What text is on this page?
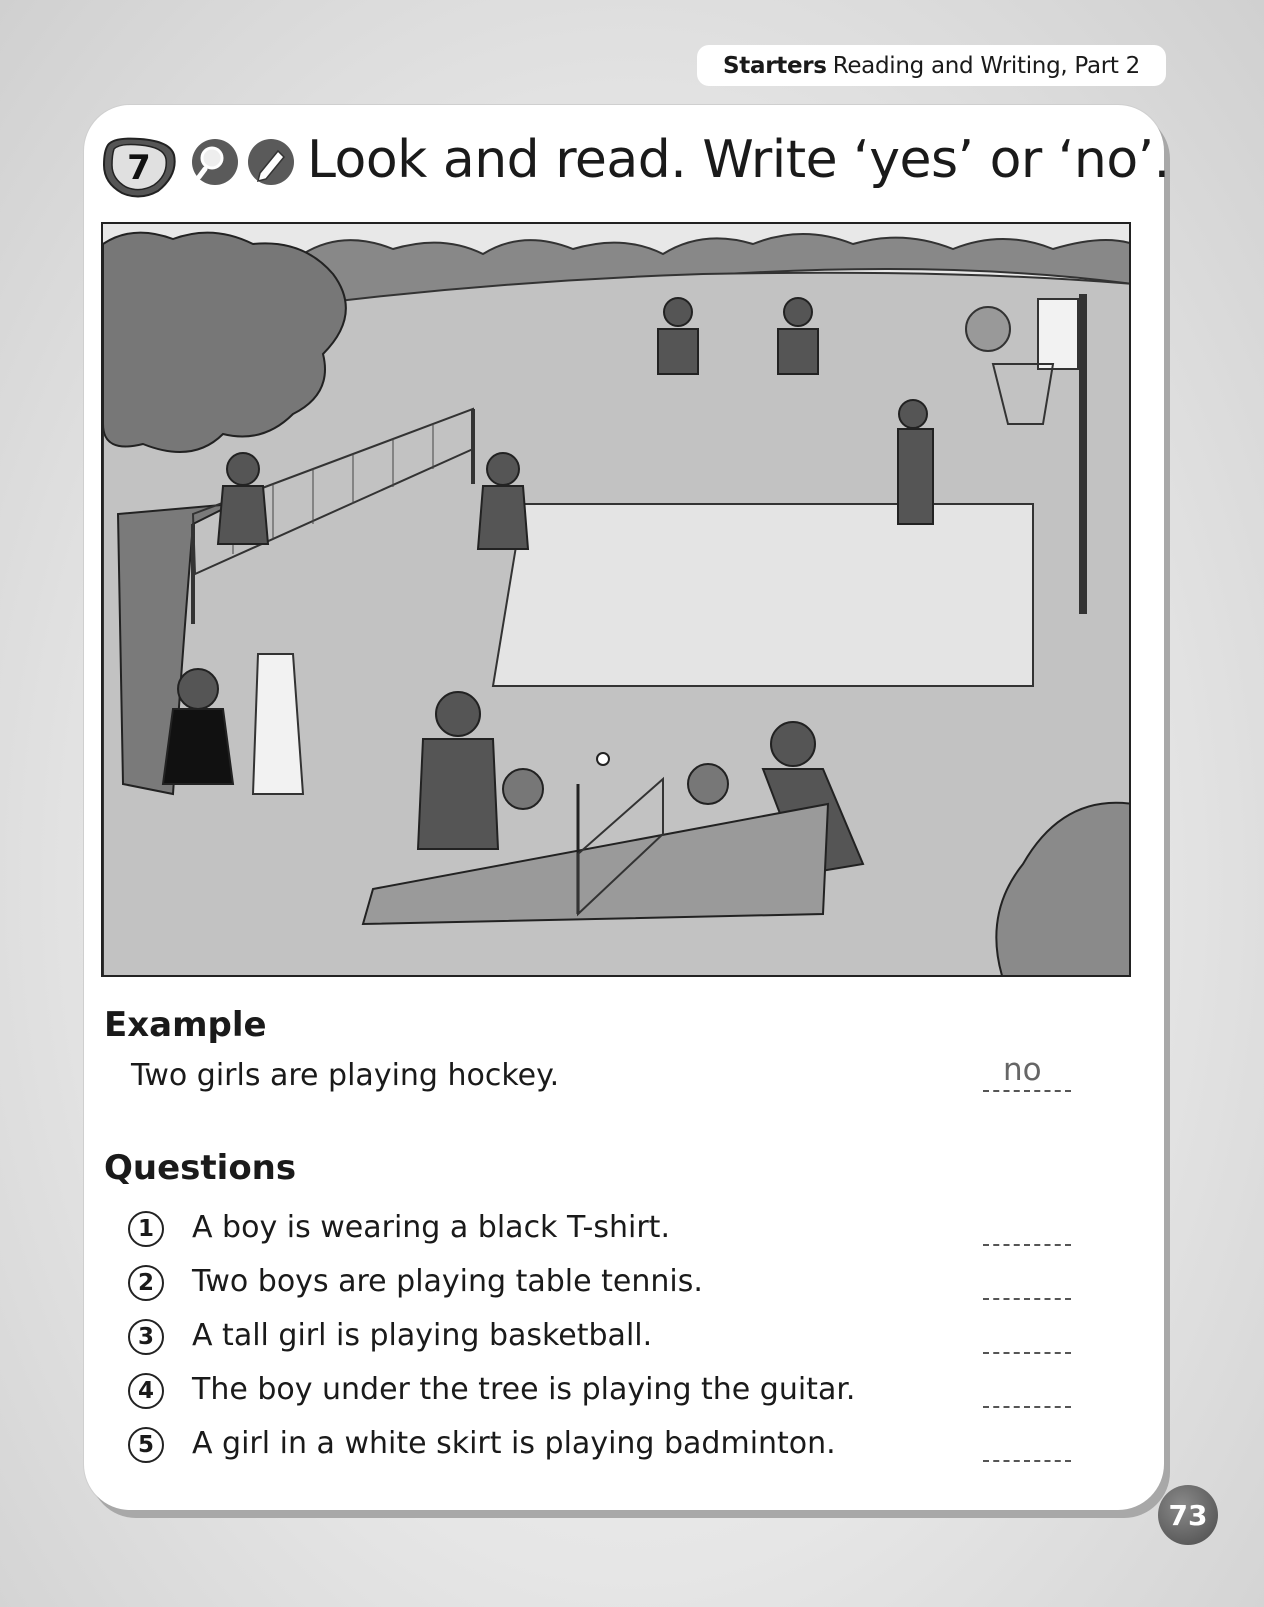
Starters Reading and Writing, Part 2
7	Look and read. Write ‘yes’ or ‘no’.
Example
Two girls are playing hockey.	no
Questions
1	A boy is wearing a black T-shirt.
2	Two boys are playing table tennis.
3	A tall girl is playing basketball.
4	The boy under the tree is playing the guitar.
5	A girl in a white skirt is playing badminton.
73
